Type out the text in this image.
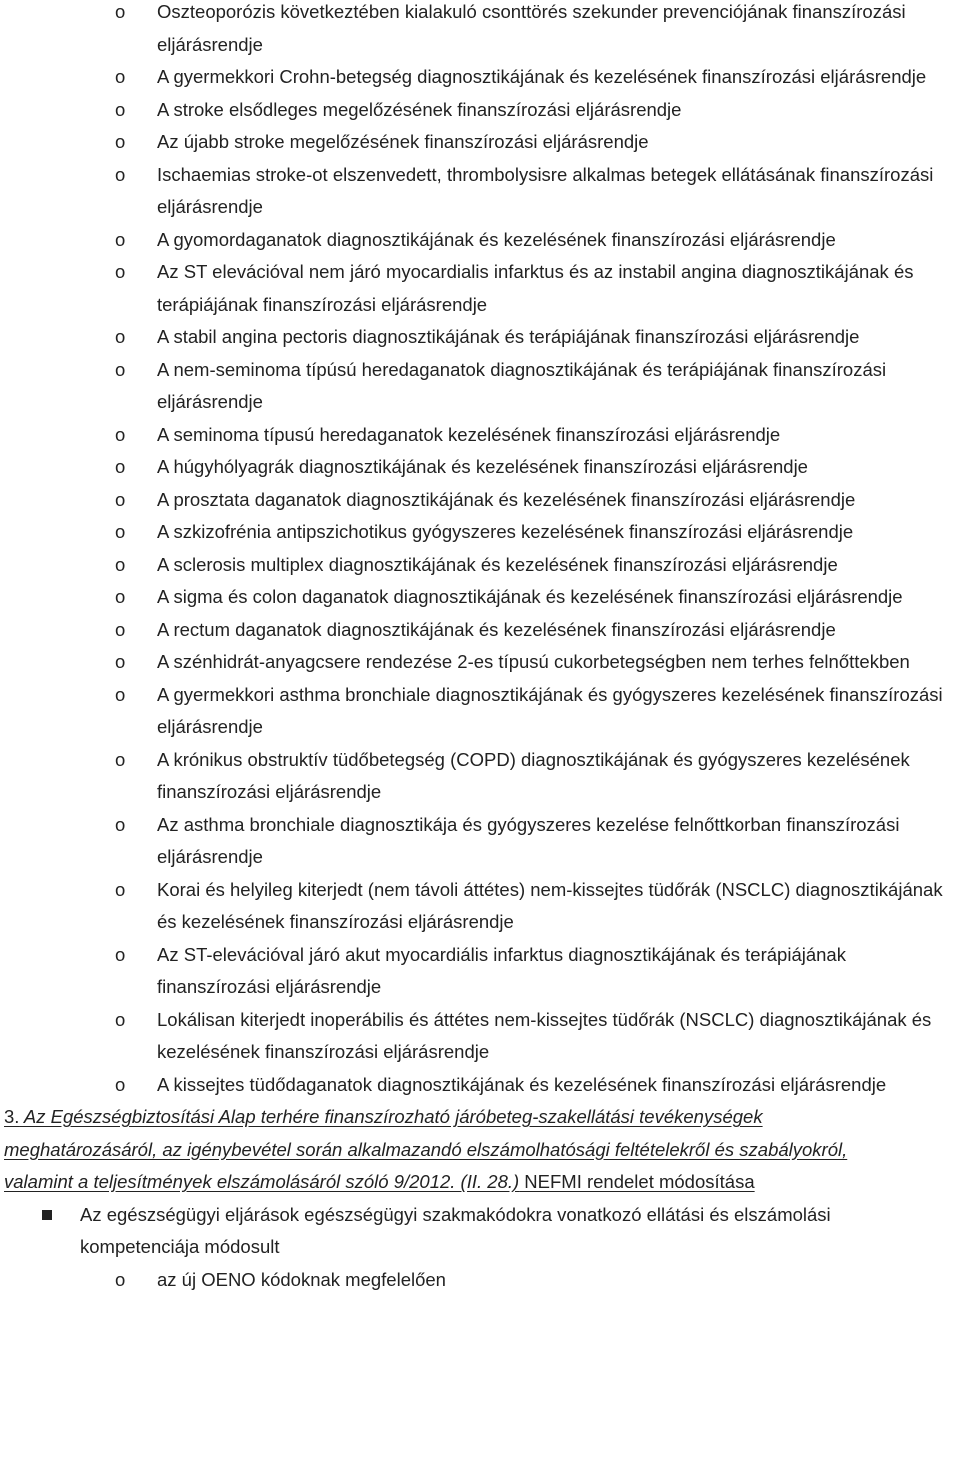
o Oszteoporózis következtében kialakuló csonttörés szekunder prevenciójának finanszírozási eljárásrendje
o A gyermekkori Crohn-betegség diagnosztikájának és kezelésének finanszírozási eljárásrendje
o A stroke elsődleges megelőzésének finanszírozási eljárásrendje
o Az újabb stroke megelőzésének finanszírozási eljárásrendje
o Ischaemias stroke-ot elszenvedett, thrombolysisre alkalmas betegek ellátásának finanszírozási eljárásrendje
o A gyomordaganatok diagnosztikájának és kezelésének finanszírozási eljárásrendje
o Az ST elevációval nem járó myocardialis infarktus és az instabil angina diagnosztikájának és terápiájának finanszírozási eljárásrendje
o A stabil angina pectoris diagnosztikájának és terápiájának finanszírozási eljárásrendje
o A nem-seminoma típúsú heredaganatok diagnosztikájának és terápiájának finanszírozási eljárásrendje
o A seminoma típusú heredaganatok kezelésének finanszírozási eljárásrendje
o A húgyhólyagrák diagnosztikájának és kezelésének finanszírozási eljárásrendje
o A prosztata daganatok diagnosztikájának és kezelésének finanszírozási eljárásrendje
o A szkizofrénia antipszichotikus gyógyszeres kezelésének finanszírozási eljárásrendje
o A sclerosis multiplex diagnosztikájának és kezelésének finanszírozási eljárásrendje
o A sigma és colon daganatok diagnosztikájának és kezelésének finanszírozási eljárásrendje
o A rectum daganatok diagnosztikájának és kezelésének finanszírozási eljárásrendje
o A szénhidrát-anyagcsere rendezése 2-es típusú cukorbetegségben nem terhes felnőttekben
o A gyermekkori asthma bronchiale diagnosztikájának és gyógyszeres kezelésének finanszírozási eljárásrendje
o A krónikus obstruktív tüdőbetegség (COPD) diagnosztikájának és gyógyszeres kezelésének finanszírozási eljárásrendje
o Az asthma bronchiale diagnosztikája és gyógyszeres kezelése felnőttkorban finanszírozási eljárásrendje
o Korai és helyileg kiterjedt (nem távoli áttétes) nem-kissejtes tüdőrák (NSCLC) diagnosztikájának és kezelésének finanszírozási eljárásrendje
o Az ST-elevációval járó akut myocardiális infarktus diagnosztikájának és terápiájának finanszírozási eljárásrendje
o Lokálisan kiterjedt inoperábilis és áttétes nem-kissejtes tüdőrák (NSCLC) diagnosztikájának és kezelésének finanszírozási eljárásrendje
o A kissejtes tüdődaganatok diagnosztikájának és kezelésének finanszírozási eljárásrendje

3. Az Egészségbiztosítási Alap terhére finanszírozható járóbeteg-szakellátási tevékenységek meghatározásáról, az igénybevétel során alkalmazandó elszámolhatósági feltételekről és szabályokról, valamint a teljesítmények elszámolásáról szóló 9/2012. (II. 28.) NEFMI rendelet módosítása

Az egészségügyi eljárások egészségügyi szakmakódokra vonatkozó ellátási és elszámolási kompetenciája módosult
o az új OENO kódoknak megfelelően
